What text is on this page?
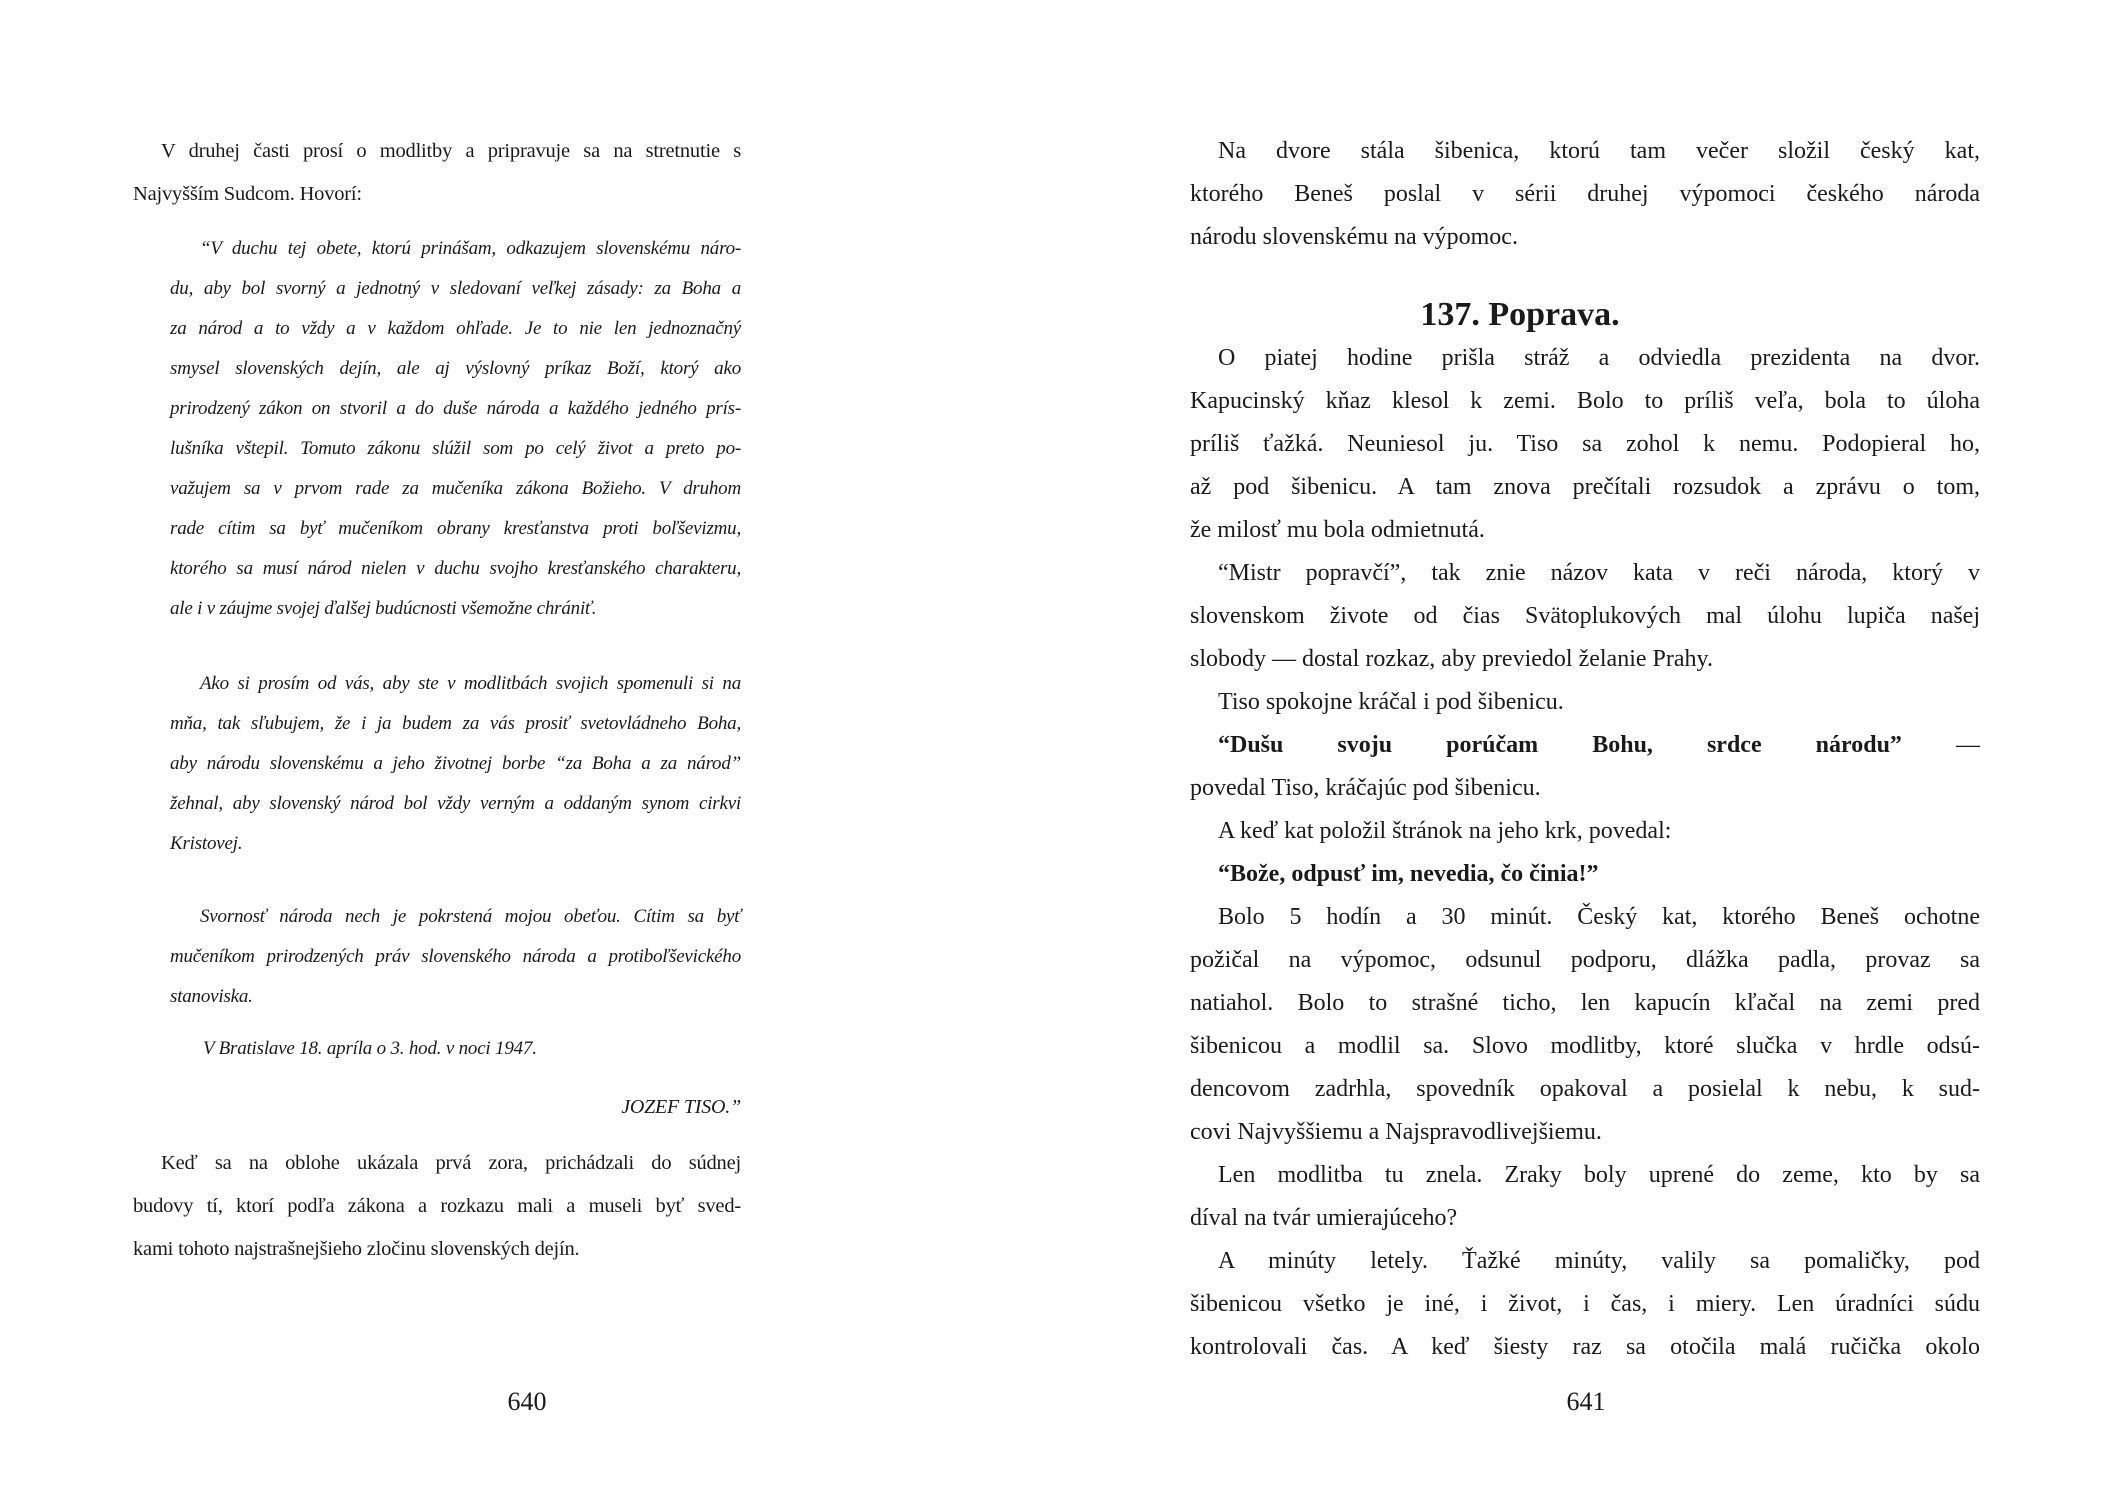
V druhej časti prosí o modlitby a pripravuje sa na stretnutie s
Najvyšším Sudcom. Hovorí:
“V duchu tej obete, ktorú prinášam, odkazujem slovenskému náro-
du, aby bol svorný a jednotný v sledovaní veľkej zásady: za Boha a
za národ a to vždy a v každom ohľade. Je to nie len jednoznačný
smysel slovenských dejín, ale aj výslovný príkaz Boží, ktorý ako
prirodzený zákon on stvoril a do duše národa a každého jedného prís-
lušníka vštepil. Tomuto zákonu slúžil som po celý život a preto po-
važujem sa v prvom rade za mučeníka zákona Božieho. V druhom
rade cítim sa byť mučeníkom obrany kresťanstva proti boľševizmu,
ktorého sa musí národ nielen v duchu svojho kresťanského charakteru,
ale i v záujme svojej ďalšej budúcnosti všemožne chrániť.
Ako si prosím od vás, aby ste v modlitbách svojich spomenuli si na
mňa, tak sľubujem, že i ja budem za vás prosiť svetovládneho Boha,
aby národu slovenskému a jeho životnej borbe “za Boha a za národ”
žehnal, aby slovenský národ bol vždy verným a oddaným synom cirkvi
Kristovej.
Svornosť národa nech je pokrstená mojou obeťou. Cítim sa byť
mučeníkom prirodzených práv slovenského národa a protiboľševického
stanoviska.
V Bratislave 18. apríla o 3. hod. v noci 1947.
JOZEF TISO.”
Keď sa na oblohe ukázala prvá zora, prichádzali do súdnej
budovy tí, ktorí podľa zákona a rozkazu mali a museli byť sved-
kami tohoto najstrašnejšieho zločinu slovenských dejín.
640
Na dvore stála šibenica, ktorú tam večer složil český kat,
ktorého Beneš poslal v sérii druhej výpomoci českého národa
národu slovenskému na výpomoc.
137. Poprava.
O piatej hodine prišla stráž a odviedla prezidenta na dvor.
Kapucinský kňaz klesol k zemi. Bolo to príliš veľa, bola to úloha
príliš ťažká. Neuniesol ju. Tiso sa zohol k nemu. Podopieral ho,
až pod šibenicu. A tam znova prečítali rozsudok a zprávu o tom,
že milosť mu bola odmietnutá.
“Mistr popravčí”, tak znie názov kata v reči národa, ktorý v
slovenskom živote od čias Svätoplukových mal úlohu lupiča našej
slobody — dostal rozkaz, aby previedol želanie Prahy.
Tiso spokojne kráčal i pod šibenicu.
“Dušu svoju porúčam Bohu, srdce národu” —
povedal Tiso, kráčajúc pod šibenicu.
A keď kat položil štránok na jeho krk, povedal:
“Bože, odpusť im, nevedia, čo činia!”
Bolo 5 hodín a 30 minút. Český kat, ktorého Beneš ochotne
požičal na výpomoc, odsunul podporu, dlážka padla, provaz sa
natiahol. Bolo to strašné ticho, len kapucín kľačal na zemi pred
šibenicou a modlil sa. Slovo modlitby, ktoré slučka v hrdle odsú-
dencovom zadrhla, spovedník opakoval a posielal k nebu, k sud-
covi Najvyššiemu a Najspravodlivejšiemu.
Len modlitba tu znela. Zraky boly uprené do zeme, kto by sa
díval na tvár umierajúceho?
A minúty letely. Ťažké minúty, valily sa pomaličky, pod
šibenicou všetko je iné, i život, i čas, i miery. Len úradníci súdu
kontrolovali čas. A keď šiesty raz sa otočila malá ručička okolo
641
